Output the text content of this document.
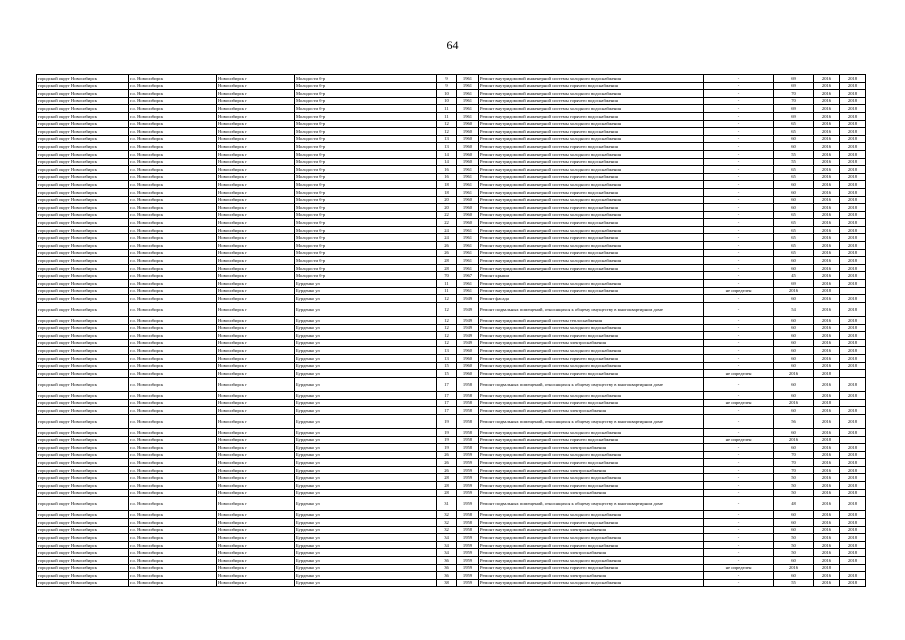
64
городской округ Новосибирск	г.о. Новосибирск	Новосибирск г	Молодости б-р	9	1961	Ремонт внутридомовой инженерной системы холодного водоснабжения	-	69	2016	2018
городской округ Новосибирск	г.о. Новосибирск	Новосибирск г	Молодости б-р	9	1961	Ремонт внутридомовой инженерной системы горячего водоснабжения	-	69	2016	2018
городской округ Новосибирск	г.о. Новосибирск	Новосибирск г	Молодости б-р	10	1961	Ремонт внутридомовой инженерной системы холодного водоснабжения	-	70	2016	2018
городской округ Новосибирск	г.о. Новосибирск	Новосибирск г	Молодости б-р	10	1961	Ремонт внутридомовой инженерной системы горячего водоснабжения	-	70	2016	2018
городской округ Новосибирск	г.о. Новосибирск	Новосибирск г	Молодости б-р	11	1961	Ремонт внутридомовой инженерной системы холодного водоснабжения	-	69	2016	2018
городской округ Новосибирск	г.о. Новосибирск	Новосибирск г	Молодости б-р	11	1961	Ремонт внутридомовой инженерной системы горячего водоснабжения	-	69	2016	2018
городской округ Новосибирск	г.о. Новосибирск	Новосибирск г	Молодости б-р	12	1960	Ремонт внутридомовой инженерной системы холодного водоснабжения	-	65	2016	2018
городской округ Новосибирск	г.о. Новосибирск	Новосибирск г	Молодости б-р	12	1960	Ремонт внутридомовой инженерной системы горячего водоснабжения	-	65	2016	2018
городской округ Новосибирск	г.о. Новосибирск	Новосибирск г	Молодости б-р	13	1960	Ремонт внутридомовой инженерной системы холодного водоснабжения	-	60	2016	2018
городской округ Новосибирск	г.о. Новосибирск	Новосибирск г	Молодости б-р	13	1960	Ремонт внутридомовой инженерной системы горячего водоснабжения	-	60	2016	2018
городской округ Новосибирск	г.о. Новосибирск	Новосибирск г	Молодости б-р	14	1960	Ремонт внутридомовой инженерной системы холодного водоснабжения	-	55	2016	2018
городской округ Новосибирск	г.о. Новосибирск	Новосибирск г	Молодости б-р	14	1960	Ремонт внутридомовой инженерной системы горячего водоснабжения	-	55	2016	2018
городской округ Новосибирск	г.о. Новосибирск	Новосибирск г	Молодости б-р	16	1961	Ремонт внутридомовой инженерной системы холодного водоснабжения	-	65	2016	2018
городской округ Новосибирск	г.о. Новосибирск	Новосибирск г	Молодости б-р	16	1961	Ремонт внутридомовой инженерной системы горячего водоснабжения	-	65	2016	2018
городской округ Новосибирск	г.о. Новосибирск	Новосибирск г	Молодости б-р	18	1961	Ремонт внутридомовой инженерной системы холодного водоснабжения	-	60	2016	2018
городской округ Новосибирск	г.о. Новосибирск	Новосибирск г	Молодости б-р	18	1961	Ремонт внутридомовой инженерной системы горячего водоснабжения	-	60	2016	2018
городской округ Новосибирск	г.о. Новосибирск	Новосибирск г	Молодости б-р	20	1960	Ремонт внутридомовой инженерной системы холодного водоснабжения	-	60	2016	2018
городской округ Новосибирск	г.о. Новосибирск	Новосибирск г	Молодости б-р	20	1960	Ремонт внутридомовой инженерной системы горячего водоснабжения	-	60	2016	2018
городской округ Новосибирск	г.о. Новосибирск	Новосибирск г	Молодости б-р	22	1960	Ремонт внутридомовой инженерной системы холодного водоснабжения	-	65	2016	2018
городской округ Новосибирск	г.о. Новосибирск	Новосибирск г	Молодости б-р	22	1960	Ремонт внутридомовой инженерной системы горячего водоснабжения	-	65	2016	2018
городской округ Новосибирск	г.о. Новосибирск	Новосибирск г	Молодости б-р	24	1961	Ремонт внутридомовой инженерной системы холодного водоснабжения	-	65	2016	2018
городской округ Новосибирск	г.о. Новосибирск	Новосибирск г	Молодости б-р	24	1961	Ремонт внутридомовой инженерной системы горячего водоснабжения	-	65	2016	2018
городской округ Новосибирск	г.о. Новосибирск	Новосибирск г	Молодости б-р	26	1961	Ремонт внутридомовой инженерной системы холодного водоснабжения	-	65	2016	2018
городской округ Новосибирск	г.о. Новосибирск	Новосибирск г	Молодости б-р	26	1961	Ремонт внутридомовой инженерной системы горячего водоснабжения	-	65	2016	2018
городской округ Новосибирск	г.о. Новосибирск	Новосибирск г	Молодости б-р	28	1961	Ремонт внутридомовой инженерной системы холодного водоснабжения	-	60	2016	2018
городской округ Новосибирск	г.о. Новосибирск	Новосибирск г	Молодости б-р	28	1961	Ремонт внутридомовой инженерной системы горячего водоснабжения	-	60	2016	2018
городской округ Новосибирск	г.о. Новосибирск	Новосибирск г	Молодости б-р	70	1967	Ремонт крыши	-	45	2016	2018
городской округ Новосибирск	г.о. Новосибирск	Новосибирск г	Бурденко ул	11	1961	Ремонт внутридомовой инженерной системы холодного водоснабжения	-	69	2016	2018
городской округ Новосибирск	г.о. Новосибирск	Новосибирск г	Бурденко ул	11	1961	Ремонт внутридомовой инженерной системы горячего водоснабжения	не определен	2016	2018	
городской округ Новосибирск	г.о. Новосибирск	Новосибирск г	Бурденко ул	12	1949	Ремонт фасада	-	60	2016	2018
городской округ Новосибирск	г.о. Новосибирск	Новосибирск г	Бурденко ул	12	1949	Ремонт подвальных помещений, относящихся к общему имуществу в многоквартирном доме	-	54	2016	2018
городской округ Новосибирск	г.о. Новосибирск	Новосибирск г	Бурденко ул	12	1949	Ремонт внутридомовой инженерной системы теплоснабжения	-	60	2016	2018
городской округ Новосибирск	г.о. Новосибирск	Новосибирск г	Бурденко ул	12	1949	Ремонт внутридомовой инженерной системы холодного водоснабжения	-	60	2016	2018
городской округ Новосибирск	г.о. Новосибирск	Новосибирск г	Бурденко ул	12	1949	Ремонт внутридомовой инженерной системы горячего водоснабжения	-	60	2016	2018
городской округ Новосибирск	г.о. Новосибирск	Новосибирск г	Бурденко ул	12	1949	Ремонт внутридомовой инженерной системы электроснабжения	-	60	2016	2018
городской округ Новосибирск	г.о. Новосибирск	Новосибирск г	Бурденко ул	13	1960	Ремонт внутридомовой инженерной системы холодного водоснабжения	-	60	2016	2018
городской округ Новосибирск	г.о. Новосибирск	Новосибирск г	Бурденко ул	13	1960	Ремонт внутридомовой инженерной системы горячего водоснабжения	-	60	2016	2018
городской округ Новосибирск	г.о. Новосибирск	Новосибирск г	Бурденко ул	15	1960	Ремонт внутридомовой инженерной системы холодного водоснабжения	-	60	2016	2018
городской округ Новосибирск	г.о. Новосибирск	Новосибирск г	Бурденко ул	15	1960	Ремонт внутридомовой инженерной системы горячего водоснабжения	не определен	2016	2018	
городской округ Новосибирск	г.о. Новосибирск	Новосибирск г	Бурденко ул	17	1958	Ремонт подвальных помещений, относящихся к общему имуществу в многоквартирном доме	-	60	2016	2018
городской округ Новосибирск	г.о. Новосибирск	Новосибирск г	Бурденко ул	17	1958	Ремонт внутридомовой инженерной системы холодного водоснабжения	-	60	2016	2018
городской округ Новосибирск	г.о. Новосибирск	Новосибирск г	Бурденко ул	17	1958	Ремонт внутридомовой инженерной системы горячего водоснабжения	не определен	2016	2018	
городской округ Новосибирск	г.о. Новосибирск	Новосибирск г	Бурденко ул	17	1958	Ремонт внутридомовой инженерной системы электроснабжения	-	60	2016	2018
городской округ Новосибирск	г.о. Новосибирск	Новосибирск г	Бурденко ул	19	1958	Ремонт подвальных помещений, относящихся к общему имуществу в многоквартирном доме	-	56	2016	2018
городской округ Новосибирск	г.о. Новосибирск	Новосибирск г	Бурденко ул	19	1958	Ремонт внутридомовой инженерной системы холодного водоснабжения	-	60	2016	2018
городской округ Новосибирск	г.о. Новосибирск	Новосибирск г	Бурденко ул	19	1958	Ремонт внутридомовой инженерной системы горячего водоснабжения	не определен	2016	2018	
городской округ Новосибирск	г.о. Новосибирск	Новосибирск г	Бурденко ул	19	1958	Ремонт внутридомовой инженерной системы электроснабжения	-	60	2016	2018
городской округ Новосибирск	г.о. Новосибирск	Новосибирск г	Бурденко ул	26	1959	Ремонт внутридомовой инженерной системы холодного водоснабжения	-	70	2016	2018
городской округ Новосибирск	г.о. Новосибирск	Новосибирск г	Бурденко ул	26	1959	Ремонт внутридомовой инженерной системы горячего водоснабжения	-	70	2016	2018
городской округ Новосибирск	г.о. Новосибирск	Новосибирск г	Бурденко ул	26	1959	Ремонт внутридомовой инженерной системы электроснабжения	-	70	2016	2018
городской округ Новосибирск	г.о. Новосибирск	Новосибирск г	Бурденко ул	28	1959	Ремонт внутридомовой инженерной системы холодного водоснабжения	-	50	2016	2018
городской округ Новосибирск	г.о. Новосибирск	Новосибирск г	Бурденко ул	28	1959	Ремонт внутридомовой инженерной системы горячего водоснабжения	-	50	2016	2018
городской округ Новосибирск	г.о. Новосибирск	Новосибирск г	Бурденко ул	28	1959	Ремонт внутридомовой инженерной системы электроснабжения	-	50	2016	2018
городской округ Новосибирск	г.о. Новосибирск	Новосибирск г	Бурденко ул	31	1959	Ремонт подвальных помещений, относящихся к общему имуществу в многоквартирном доме	-	48	2016	2018
городской округ Новосибирск	г.о. Новосибирск	Новосибирск г	Бурденко ул	32	1958	Ремонт внутридомовой инженерной системы холодного водоснабжения	-	60	2016	2018
городской округ Новосибирск	г.о. Новосибирск	Новосибирск г	Бурденко ул	32	1958	Ремонт внутридомовой инженерной системы горячего водоснабжения	-	60	2016	2018
городской округ Новосибирск	г.о. Новосибирск	Новосибирск г	Бурденко ул	32	1958	Ремонт внутридомовой инженерной системы электроснабжения	-	60	2016	2018
городской округ Новосибирск	г.о. Новосибирск	Новосибирск г	Бурденко ул	34	1959	Ремонт внутридомовой инженерной системы холодного водоснабжения	-	50	2016	2018
городской округ Новосибирск	г.о. Новосибирск	Новосибирск г	Бурденко ул	34	1959	Ремонт внутридомовой инженерной системы горячего водоснабжения	-	50	2016	2018
городской округ Новосибирск	г.о. Новосибирск	Новосибирск г	Бурденко ул	34	1959	Ремонт внутридомовой инженерной системы электроснабжения	-	50	2016	2018
городской округ Новосибирск	г.о. Новосибирск	Новосибирск г	Бурденко ул	36	1959	Ремонт внутридомовой инженерной системы холодного водоснабжения	-	60	2016	2018
городской округ Новосибирск	г.о. Новосибирск	Новосибирск г	Бурденко ул	36	1959	Ремонт внутридомовой инженерной системы горячего водоснабжения	не определен	2016	2018	
городской округ Новосибирск	г.о. Новосибирск	Новосибирск г	Бурденко ул	36	1959	Ремонт внутридомовой инженерной системы электроснабжения	-	60	2016	2018
городской округ Новосибирск	г.о. Новосибирск	Новосибирск г	Бурденко ул	38	1959	Ремонт внутридомовой инженерной системы холодного водоснабжения	-	55	2016	2018
